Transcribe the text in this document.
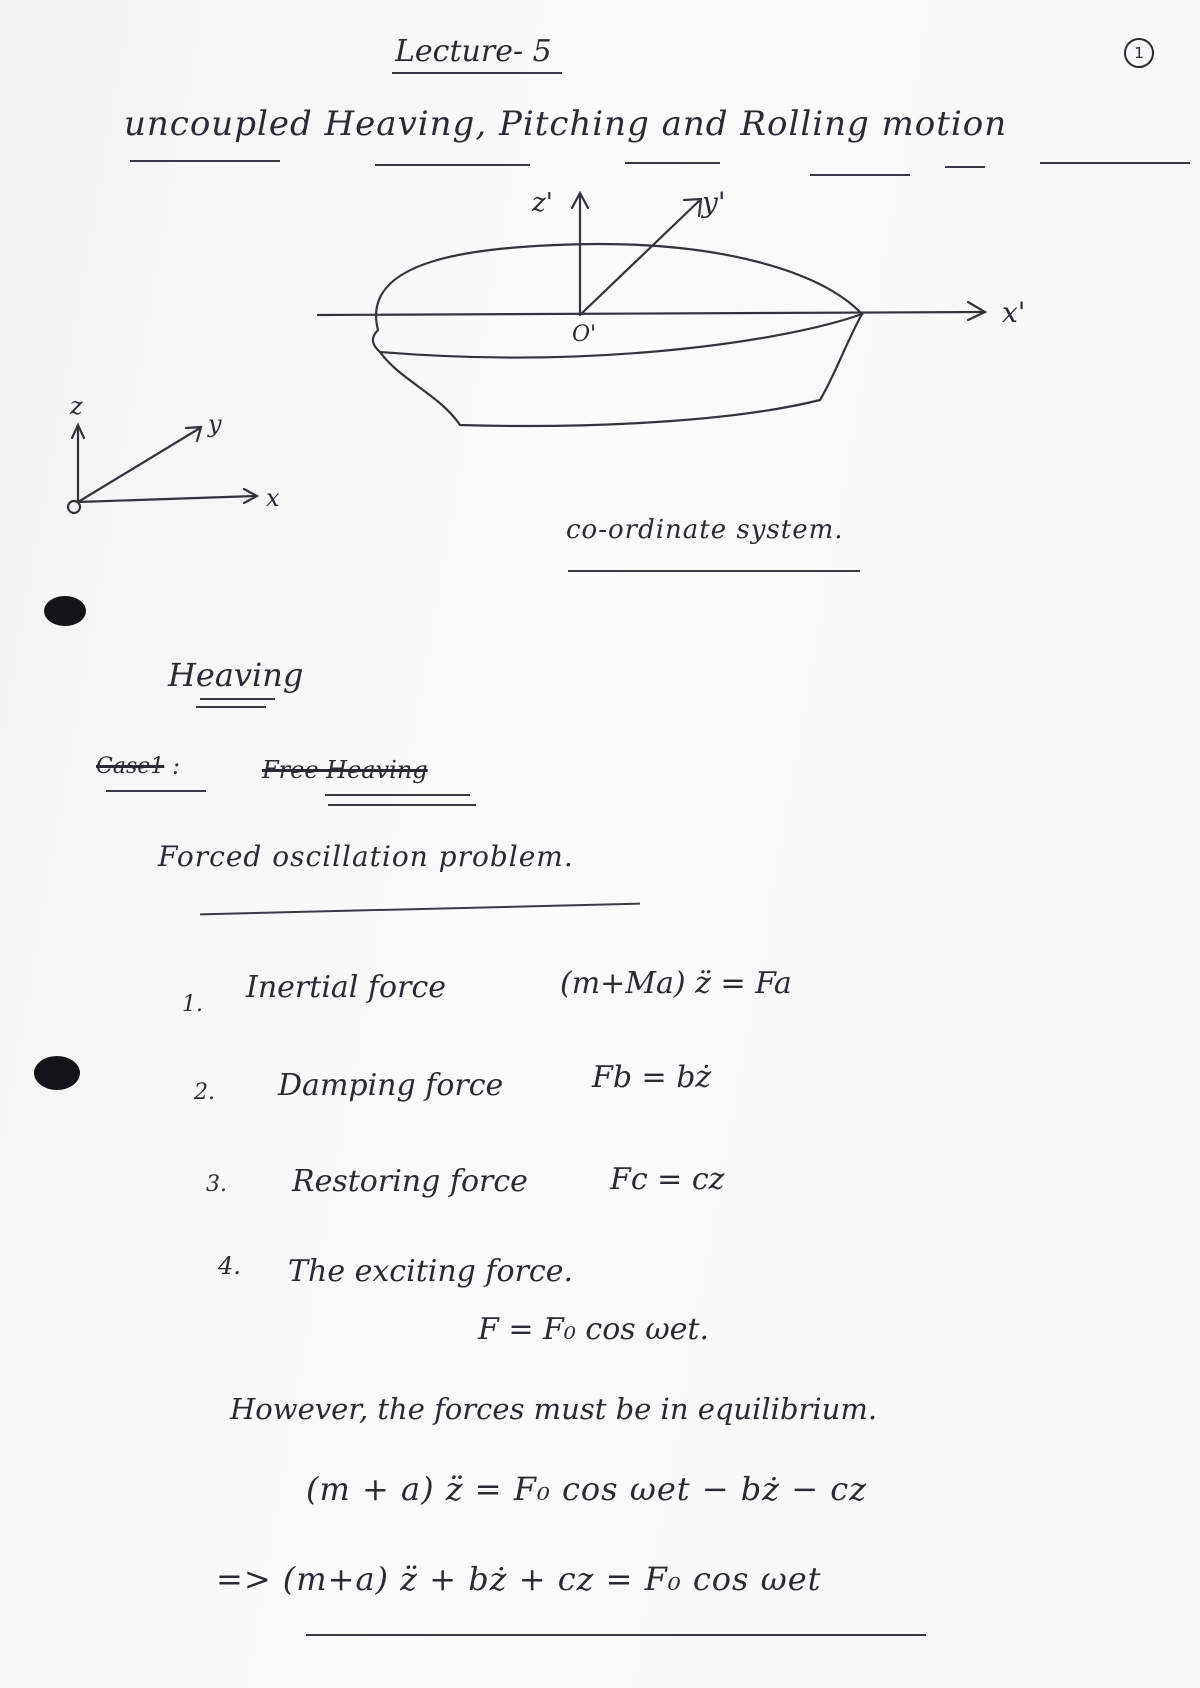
Lecture- 5	1
uncoupled Heaving, Pitching and Rolling motion
z'	y'
x'
O'
z
y
x
co-ordinate system.
Heaving
Case1 :	Free Heaving
Forced oscillation problem.
1. Inertial force	(m+Ma) z̈ = Fa
2. Damping force	Fb = bż
3. Restoring force	Fc = cz
4. The exciting force.
F = F₀ cos ωet.
However, the forces must be in equilibrium.
(m + a) z̈ = F₀ cos ωet − bż − cz
=> (m+a) z̈ + bż + cz = F₀ cos ωet
